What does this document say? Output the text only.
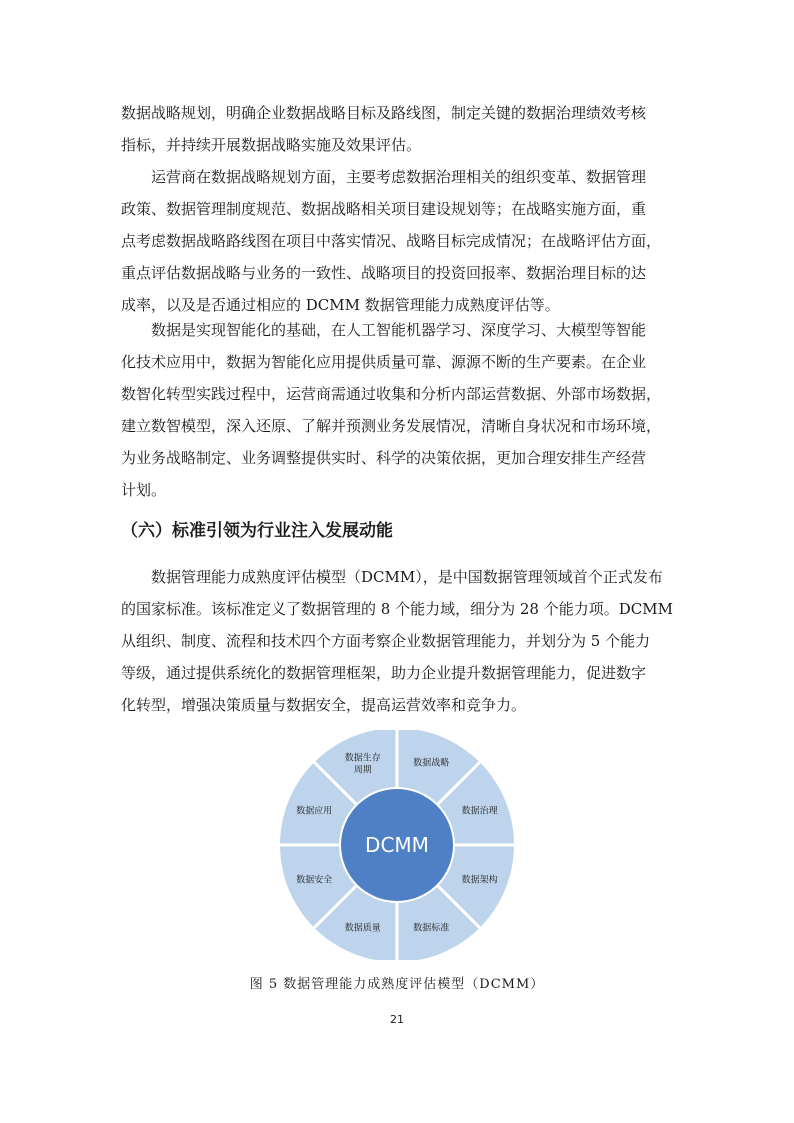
数据战略规划，明确企业数据战略目标及路线图，制定关键的数据治理绩效考核
指标，并持续开展数据战略实施及效果评估。
运营商在数据战略规划方面，主要考虑数据治理相关的组织变革、数据管理
政策、数据管理制度规范、数据战略相关项目建设规划等；在战略实施方面，重
点考虑数据战略路线图在项目中落实情况、战略目标完成情况；在战略评估方面，
重点评估数据战略与业务的一致性、战略项目的投资回报率、数据治理目标的达
成率，以及是否通过相应的 DCMM 数据管理能力成熟度评估等。
数据是实现智能化的基础，在人工智能机器学习、深度学习、大模型等智能
化技术应用中，数据为智能化应用提供质量可靠、源源不断的生产要素。在企业
数智化转型实践过程中，运营商需通过收集和分析内部运营数据、外部市场数据，
建立数智模型，深入还原、了解并预测业务发展情况，清晰自身状况和市场环境，
为业务战略制定、业务调整提供实时、科学的决策依据，更加合理安排生产经营
计划。
（六）标准引领为行业注入发展动能
数据管理能力成熟度评估模型（DCMM），是中国数据管理领域首个正式发布
的国家标准。该标准定义了数据管理的 8 个能力域，细分为 28 个能力项。DCMM
从组织、制度、流程和技术四个方面考察企业数据管理能力，并划分为 5 个能力
等级，通过提供系统化的数据管理框架，助力企业提升数据管理能力，促进数字
化转型，增强决策质量与数据安全，提高运营效率和竞争力。
数据战略
数据治理
数据架构
数据标准
数据质量
数据安全
数据应用
数据生存周期
DCMM
图 5 数据管理能力成熟度评估模型（DCMM）
21
